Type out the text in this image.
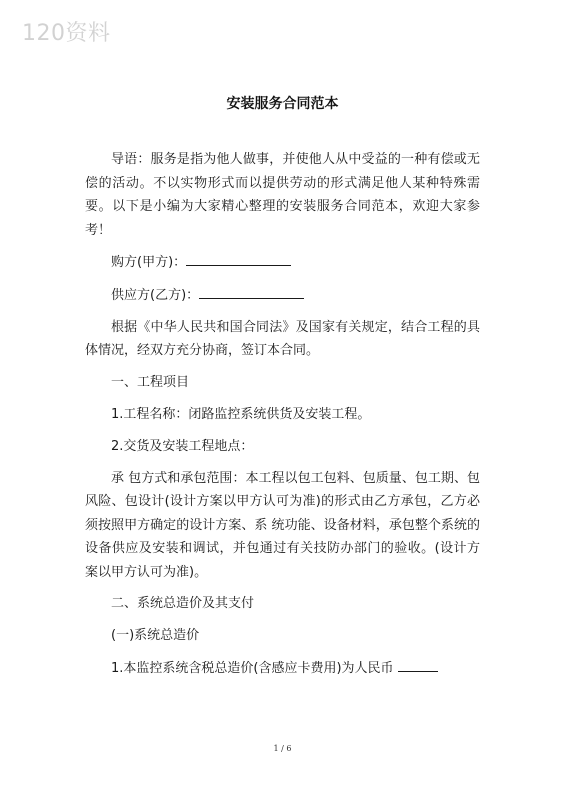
120资料
安装服务合同范本

导语：服务是指为他人做事，并使他人从中受益的一种有偿或无偿的活动。不以实物形式而以提供劳动的形式满足他人某种特殊需要。以下是小编为大家精心整理的安装服务合同范本，欢迎大家参考！

购方(甲方)：

供应方(乙方)：

根据《中华人民共和国合同法》及国家有关规定，结合工程的具体情况，经双方充分协商，签订本合同。

一、工程项目

1.工程名称：闭路监控系统供货及安装工程。

2.交货及安装工程地点：

承 包方式和承包范围：本工程以包工包料、包质量、包工期、包风险、包设计(设计方案以甲方认可为准)的形式由乙方承包，乙方必须按照甲方确定的设计方案、系 统功能、设备材料，承包整个系统的设备供应及安装和调试，并包通过有关技防办部门的验收。(设计方案以甲方认可为准)。

二、系统总造价及其支付

(一)系统总造价

1.本监控系统含税总造价(含感应卡费用)为人民币

1 / 6
